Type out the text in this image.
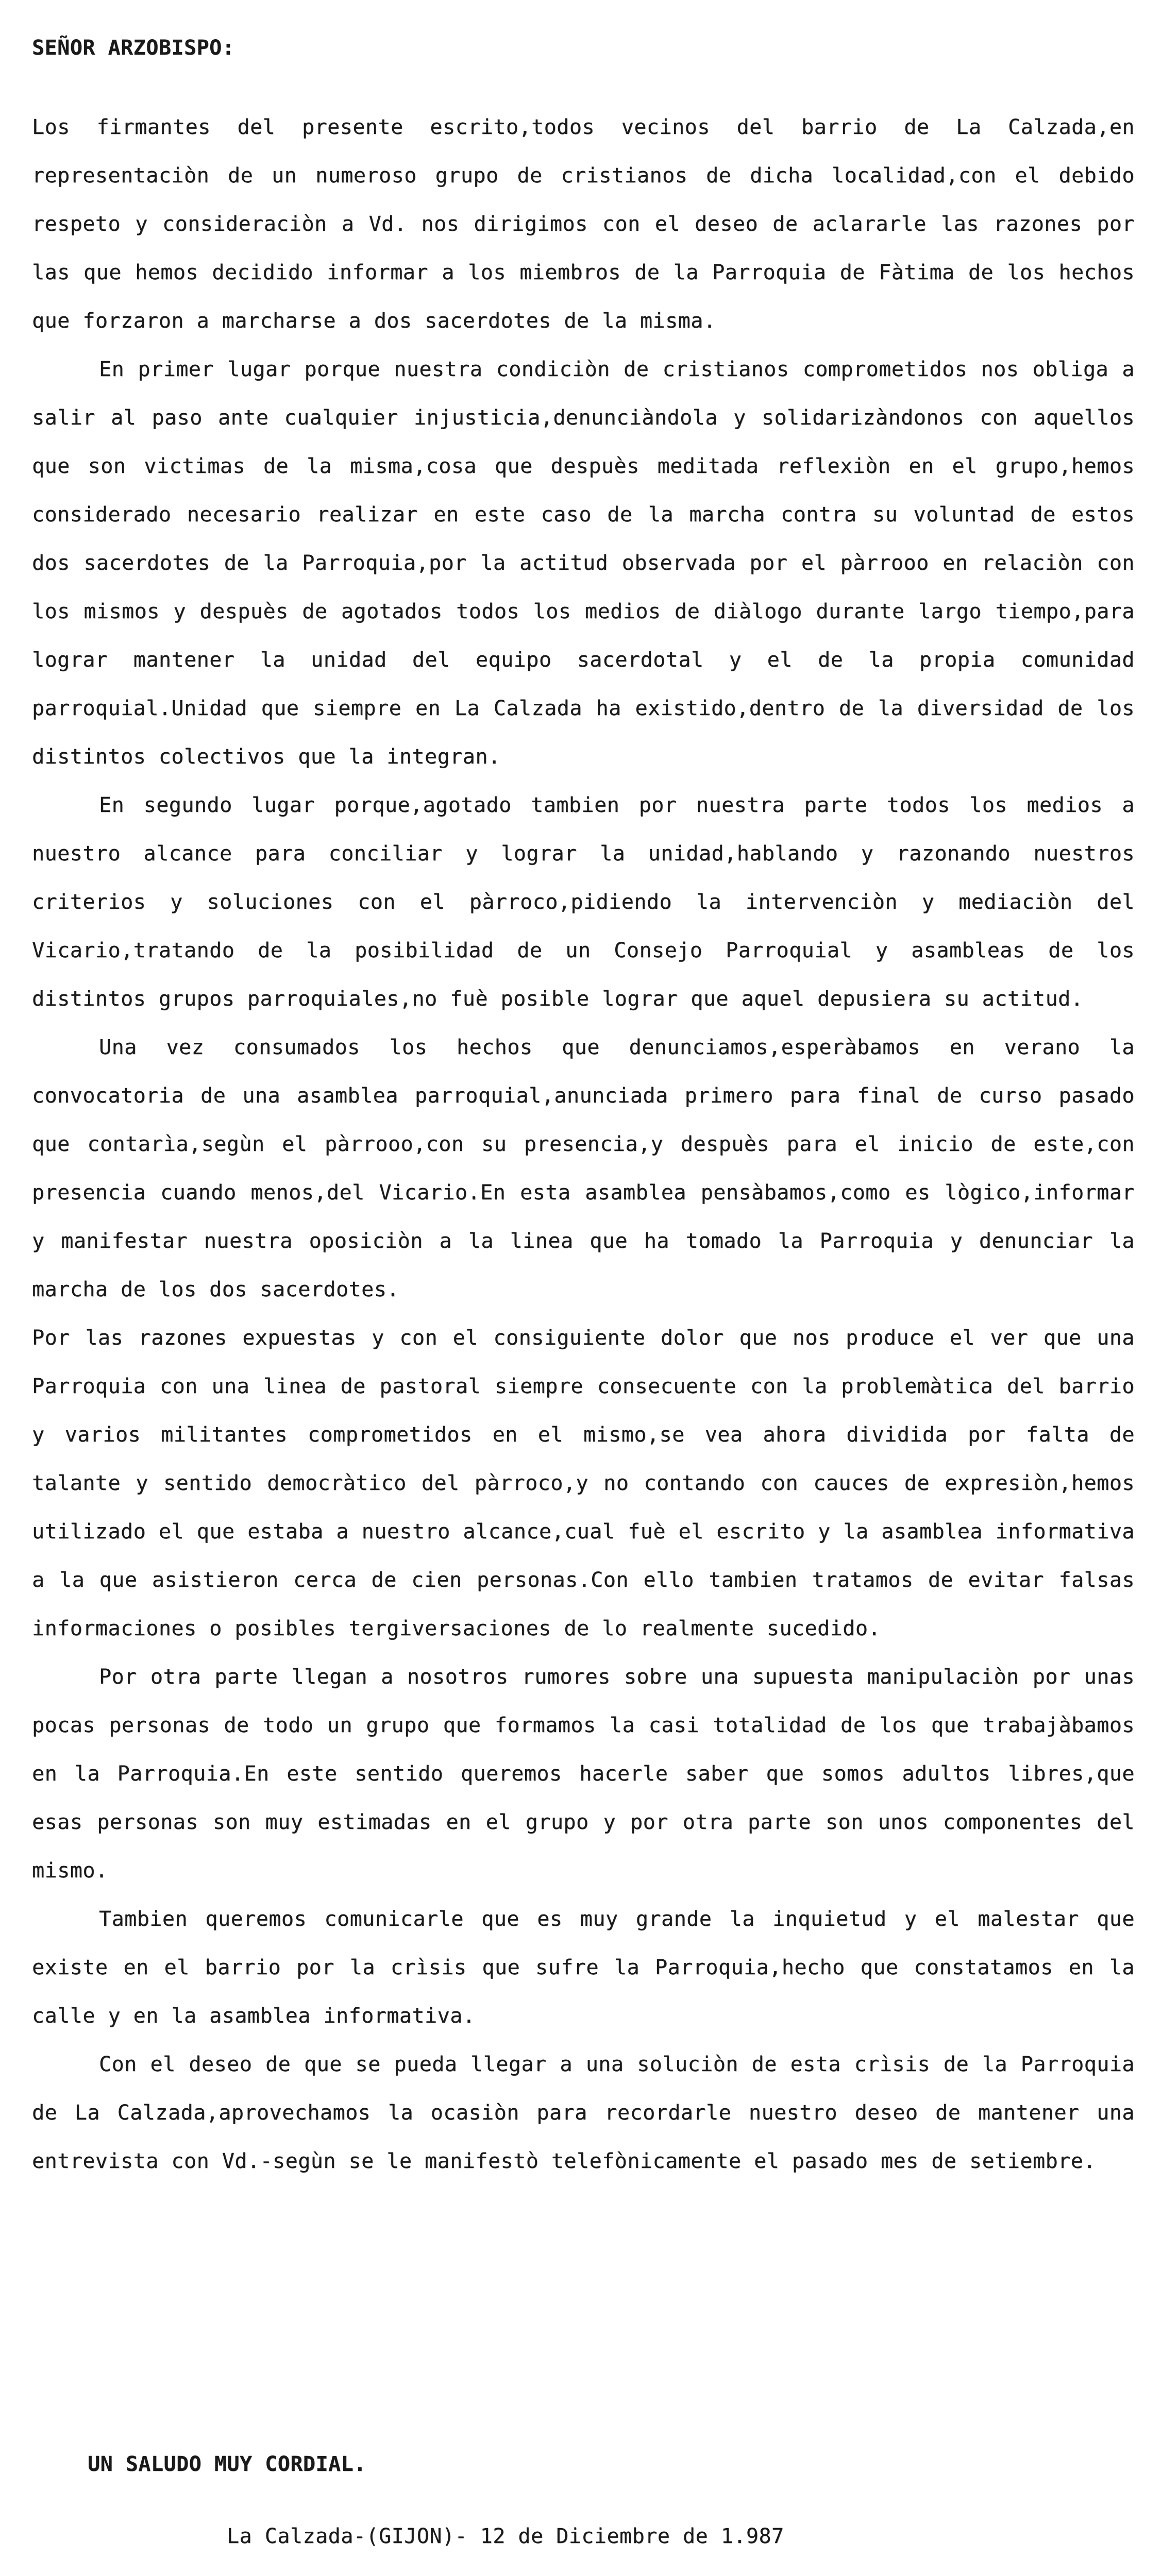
SEÑOR ARZOBISPO:

Los firmantes del presente escrito,todos vecinos del barrio de La Calzada,en representaciòn de un numeroso grupo de cristianos de dicha localidad,con el debido respeto y consideraciòn a Vd. nos dirigimos con el deseo de aclararle las razones por las que hemos decidido informar a los miembros de la Parroquia de Fàtima de los hechos que forzaron a marcharse a dos sacerdotes de la misma.

En primer lugar porque nuestra condiciòn de cristianos comprometidos nos obliga a salir al paso ante cualquier injusticia,denunciàndola y solidarizàndonos con aquellos que son victimas de la misma,cosa que despuès meditada reflexiòn en el grupo,hemos considerado necesario realizar en este caso de la marcha contra su voluntad de estos dos sacerdotes de la Parroquia,por la actitud observada por el pàrrooo en relaciòn con los mismos y despuès de agotados todos los medios de diàlogo durante largo tiempo,para lograr mantener la unidad del equipo sacerdotal y el de la propia comunidad parroquial.Unidad que siempre en La Calzada ha existido,dentro de la diversidad de los distintos colectivos que la integran.

En segundo lugar porque,agotado tambien por nuestra parte todos los medios a nuestro alcance para conciliar y lograr la unidad,hablando y razonando nuestros criterios y soluciones con el pàrroco,pidiendo la intervenciòn y mediaciòn del Vicario,tratando de la posibilidad de un Consejo Parroquial y asambleas de los distintos grupos parroquiales,no fuè posible lograr que aquel depusiera su actitud.

Una vez consumados los hechos que denunciamos,esperàbamos en verano la convocatoria de una asamblea parroquial,anunciada primero para final de curso pasado que contarìa,segùn el pàrrooo,con su presencia,y despuès para el inicio de este,con presencia cuando menos,del Vicario.En esta asamblea pensàbamos,como es lògico,informar y manifestar nuestra oposiciòn a la linea que ha tomado la Parroquia y denunciar la marcha de los dos sacerdotes.

Por las razones expuestas y con el consiguiente dolor que nos produce el ver que una Parroquia con una linea de pastoral siempre consecuente con la problemàtica del barrio y varios militantes comprometidos en el mismo,se vea ahora dividida por falta de talante y sentido democràtico del pàrroco,y no contando con cauces de expresiòn,hemos utilizado el que estaba a nuestro alcance,cual fuè el escrito y la asamblea informativa a la que asistieron cerca de cien personas.Con ello tambien tratamos de evitar falsas informaciones o posibles tergiversaciones de lo realmente sucedido.

Por otra parte llegan a nosotros rumores sobre una supuesta manipulaciòn por unas pocas personas de todo un grupo que formamos la casi totalidad de los que trabajàbamos en la Parroquia.En este sentido queremos hacerle saber que somos adultos libres,que esas personas son muy estimadas en el grupo y por otra parte son unos componentes del mismo.

Tambien queremos comunicarle que es muy grande la inquietud y el malestar que existe en el barrio por la crìsis que sufre la Parroquia,hecho que constatamos en la calle y en la asamblea informativa.

Con el deseo de que se pueda llegar a una soluciòn de esta crìsis de la Parroquia de La Calzada,aprovechamos la ocasiòn para recordarle nuestro deseo de mantener una entrevista con Vd.-segùn se le manifestò telefònicamente el pasado mes de setiembre.

UN SALUDO MUY CORDIAL.
La Calzada-(GIJON)- 12 de Diciembre de 1.987
